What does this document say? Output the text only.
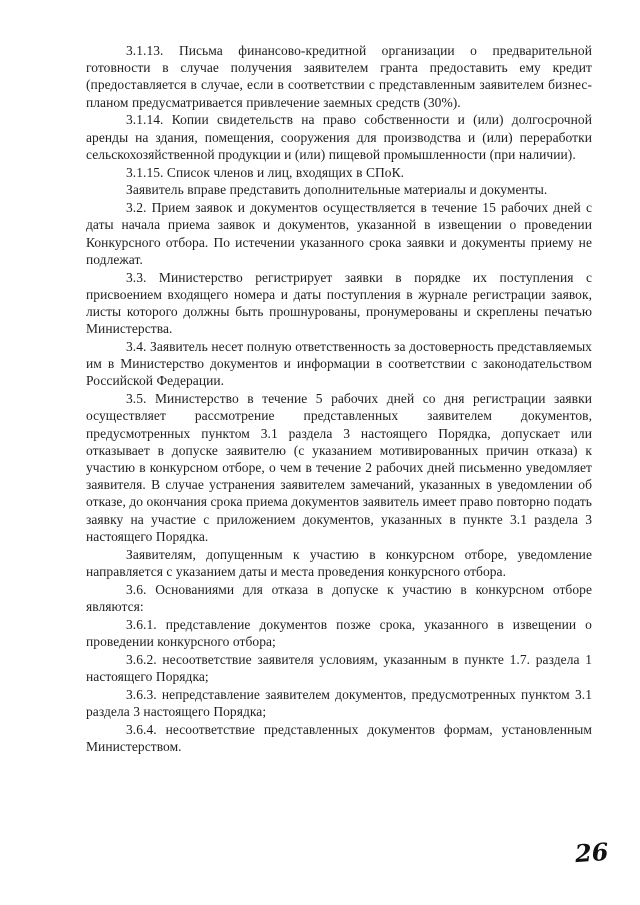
3.1.13. Письма финансово-кредитной организации о предварительной готовности в случае получения заявителем гранта предоставить ему кредит (предоставляется в случае, если в соответствии с представленным заявителем бизнес-планом предусматривается привлечение заемных средств (30%).

3.1.14. Копии свидетельств на право собственности и (или) долгосрочной аренды на здания, помещения, сооружения для производства и (или) переработки сельскохозяйственной продукции и (или) пищевой промышленности (при наличии).

3.1.15. Список членов и лиц, входящих в СПоК.

Заявитель вправе представить дополнительные материалы и документы.

3.2. Прием заявок и документов осуществляется в течение 15 рабочих дней с даты начала приема заявок и документов, указанной в извещении о проведении Конкурсного отбора. По истечении указанного срока заявки и документы приему не подлежат.

3.3. Министерство регистрирует заявки в порядке их поступления с присвоением входящего номера и даты поступления в журнале регистрации заявок, листы которого должны быть прошнурованы, пронумерованы и скреплены печатью Министерства.

3.4. Заявитель несет полную ответственность за достоверность представляемых им в Министерство документов и информации в соответствии с законодательством Российской Федерации.

3.5. Министерство в течение 5 рабочих дней со дня регистрации заявки осуществляет рассмотрение представленных заявителем документов, предусмотренных пунктом 3.1 раздела 3 настоящего Порядка, допускает или отказывает в допуске заявителю (с указанием мотивированных причин отказа) к участию в конкурсном отборе, о чем в течение 2 рабочих дней письменно уведомляет заявителя. В случае устранения заявителем замечаний, указанных в уведомлении об отказе, до окончания срока приема документов заявитель имеет право повторно подать заявку на участие с приложением документов, указанных в пункте 3.1 раздела 3 настоящего Порядка.

Заявителям, допущенным к участию в конкурсном отборе, уведомление направляется с указанием даты и места проведения конкурсного отбора.

3.6. Основаниями для отказа в допуске к участию в конкурсном отборе являются:

3.6.1. представление документов позже срока, указанного в извещении о проведении конкурсного отбора;

3.6.2. несоответствие заявителя условиям, указанным в пункте 1.7. раздела 1 настоящего Порядка;

3.6.3. непредставление заявителем документов, предусмотренных пунктом 3.1 раздела 3 настоящего Порядка;

3.6.4. несоответствие представленных документов формам, установленным Министерством.

26
